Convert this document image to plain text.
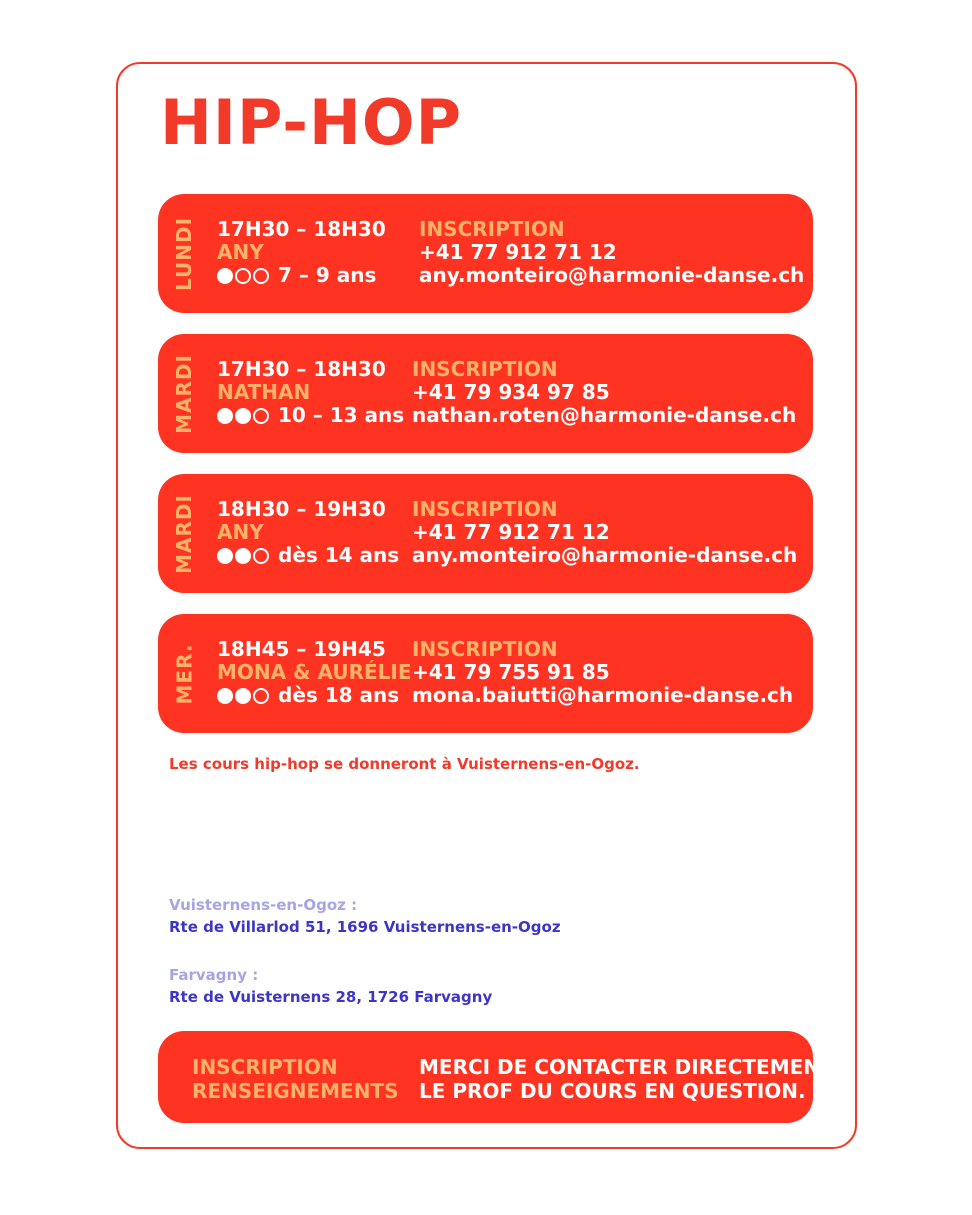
HIP-HOP
LUNDI 17H30 – 18H30
ANY
7 – 9 ans
INSCRIPTION
+41 77 912 71 12
any.monteiro@harmonie-danse.ch
MARDI 17H30 – 18H30
NATHAN
10 – 13 ans
INSCRIPTION
+41 79 934 97 85
nathan.roten@harmonie-danse.ch
MARDI 18H30 – 19H30
ANY
dès 14 ans
INSCRIPTION
+41 77 912 71 12
any.monteiro@harmonie-danse.ch
MER. 18H45 – 19H45
MONA & AURÉLIE
dès 18 ans
INSCRIPTION
+41 79 755 91 85
mona.baiutti@harmonie-danse.ch
Les cours hip-hop se donneront à Vuisternens-en-Ogoz.
Vuisternens-en-Ogoz :
Rte de Villarlod 51, 1696 Vuisternens-en-Ogoz
Farvagny :
Rte de Vuisternens 28, 1726 Farvagny
INSCRIPTION
RENSEIGNEMENTS
MERCI DE CONTACTER DIRECTEMENT
LE PROF DU COURS EN QUESTION.
